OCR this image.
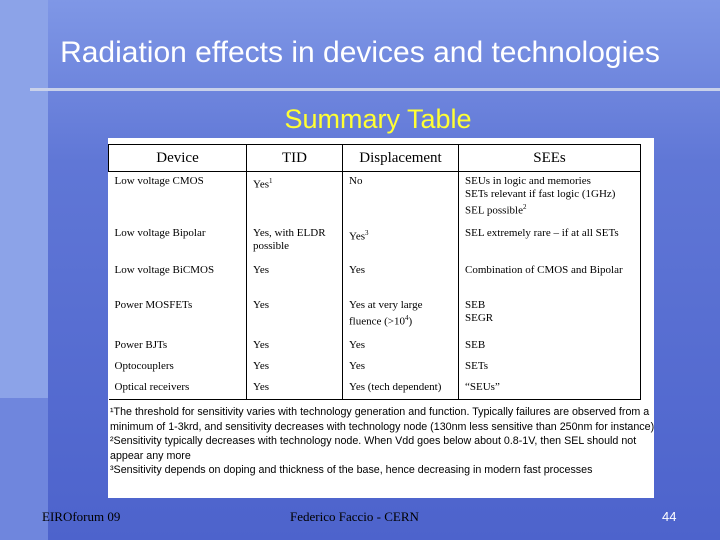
Radiation effects in devices and technologies
Summary Table
Device	TID	Displacement	SEEs
Low voltage CMOS	Yes$^1$	No	SEUs in logic and memories
SETs relevant if fast logic (1GHz)
SEL possible$^2$

Low voltage Bipolar	Yes, with ELDR possible	Yes$^3$	SEL extremely rare – if at all SETs

Low voltage BiCMOS	Yes	Yes	Combination of CMOS and Bipolar

Power MOSFETs	Yes	Yes at very large fluence $(>10^4)$	SEB
SEGR

Power BJTs	Yes	Yes	SEB

Optocouplers	Yes	Yes	SETs

Optical receivers	Yes	Yes (tech dependent)	“SEUs”

¹The threshold for sensitivity varies with technology generation and function. Typically failures are observed from a minimum of 1-3krd, and sensitivity decreases with technology node (130nm less sensitive than 250nm for instance)

²Sensitivity typically decreases with technology node. When Vdd goes below about 0.8-1V, then SEL should not appear any more

³Sensitivity depends on doping and thickness of the base, hence decreasing in modern fast processes

EIROforum 09	Federico Faccio - CERN	44
